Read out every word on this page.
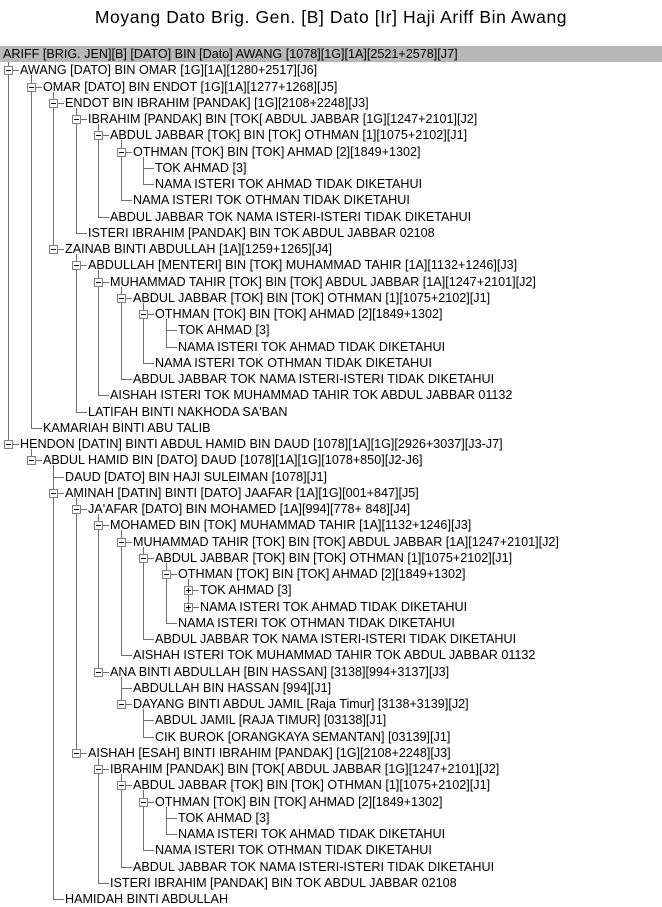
Moyang Dato Brig. Gen. [B] Dato [Ir] Haji Ariff Bin Awang
ARIFF [BRIG. JEN][B] [DATO] BIN [Dato] AWANG [1078][1G][1A][2521+2578][J7]
AWANG [DATO] BIN OMAR [1G][1A][1280+2517][J6]
OMAR [DATO] BIN ENDOT [1G][1A][1277+1268][J5]
ENDOT BIN IBRAHIM [PANDAK] [1G][2108+2248][J3]
IBRAHIM [PANDAK] BIN [TOK[ ABDUL JABBAR [1G][1247+2101][J2]
ABDUL JABBAR [TOK] BIN [TOK] OTHMAN [1][1075+2102][J1]
OTHMAN [TOK] BIN [TOK] AHMAD [2][1849+1302]
TOK AHMAD [3]
NAMA ISTERI TOK AHMAD TIDAK DIKETAHUI
NAMA ISTERI TOK OTHMAN TIDAK DIKETAHUI
ABDUL JABBAR TOK NAMA ISTERI-ISTERI TIDAK DIKETAHUI
ISTERI IBRAHIM [PANDAK] BIN TOK ABDUL JABBAR 02108
ZAINAB BINTI ABDULLAH [1A][1259+1265][J4]
ABDULLAH [MENTERI] BIN [TOK] MUHAMMAD TAHIR [1A][1132+1246][J3]
MUHAMMAD TAHIR [TOK] BIN [TOK] ABDUL JABBAR [1A][1247+2101][J2]
ABDUL JABBAR [TOK] BIN [TOK] OTHMAN [1][1075+2102][J1]
OTHMAN [TOK] BIN [TOK] AHMAD [2][1849+1302]
TOK AHMAD [3]
NAMA ISTERI TOK AHMAD TIDAK DIKETAHUI
NAMA ISTERI TOK OTHMAN TIDAK DIKETAHUI
ABDUL JABBAR TOK NAMA ISTERI-ISTERI TIDAK DIKETAHUI
AISHAH ISTERI TOK MUHAMMAD TAHIR TOK ABDUL JABBAR 01132
LATIFAH BINTI NAKHODA SA'BAN
KAMARIAH BINTI ABU TALIB
HENDON [DATIN] BINTI ABDUL HAMID BIN DAUD [1078][1A][1G][2926+3037][J3-J7]
ABDUL HAMID BIN [DATO] DAUD [1078][1A][1G][1078+850][J2-J6]
DAUD [DATO] BIN HAJI SULEIMAN [1078][J1]
AMINAH [DATIN] BINTI [DATO] JAAFAR [1A][1G][001+847][J5]
JA'AFAR [DATO] BIN MOHAMED [1A][994][778+ 848][J4]
MOHAMED BIN [TOK] MUHAMMAD TAHIR [1A][1132+1246][J3]
MUHAMMAD TAHIR [TOK] BIN [TOK] ABDUL JABBAR [1A][1247+2101][J2]
ABDUL JABBAR [TOK] BIN [TOK] OTHMAN [1][1075+2102][J1]
OTHMAN [TOK] BIN [TOK] AHMAD [2][1849+1302]
TOK AHMAD [3]
NAMA ISTERI TOK AHMAD TIDAK DIKETAHUI
NAMA ISTERI TOK OTHMAN TIDAK DIKETAHUI
ABDUL JABBAR TOK NAMA ISTERI-ISTERI TIDAK DIKETAHUI
AISHAH ISTERI TOK MUHAMMAD TAHIR TOK ABDUL JABBAR 01132
ANA BINTI ABDULLAH [BIN HASSAN] [3138][994+3137][J3]
ABDULLAH BIN HASSAN [994][J1]
DAYANG BINTI ABDUL JAMIL [Raja Timur] [3138+3139][J2]
ABDUL JAMIL [RAJA TIMUR] [03138][J1]
CIK BUROK [ORANGKAYA SEMANTAN] [03139][J1]
AISHAH [ESAH] BINTI IBRAHIM [PANDAK] [1G][2108+2248][J3]
IBRAHIM [PANDAK] BIN [TOK[ ABDUL JABBAR [1G][1247+2101][J2]
ABDUL JABBAR [TOK] BIN [TOK] OTHMAN [1][1075+2102][J1]
OTHMAN [TOK] BIN [TOK] AHMAD [2][1849+1302]
TOK AHMAD [3]
NAMA ISTERI TOK AHMAD TIDAK DIKETAHUI
NAMA ISTERI TOK OTHMAN TIDAK DIKETAHUI
ABDUL JABBAR TOK NAMA ISTERI-ISTERI TIDAK DIKETAHUI
ISTERI IBRAHIM [PANDAK] BIN TOK ABDUL JABBAR 02108
HAMIDAH BINTI ABDULLAH
